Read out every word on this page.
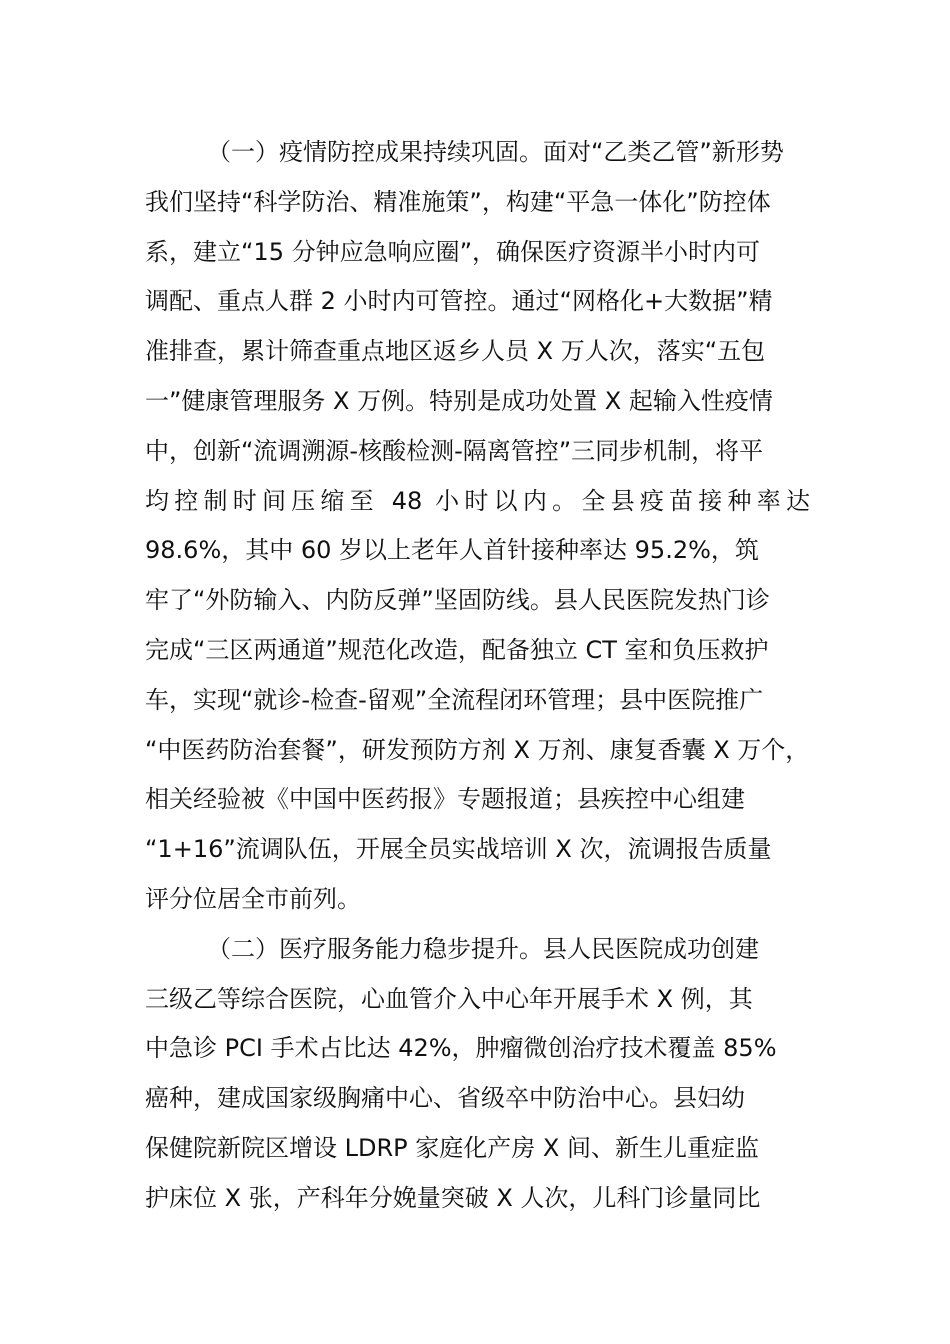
（一）疫情防控成果持续巩固。面对“乙类乙管”新形势
我们坚持“科学防治、精准施策”，构建“平急一体化”防控体
系，建立“15 分钟应急响应圈”，确保医疗资源半小时内可
调配、重点人群 2 小时内可管控。通过“网格化+大数据”精
准排查，累计筛查重点地区返乡人员 X 万人次，落实“五包
一”健康管理服务 X 万例。特别是成功处置 X 起输入性疫情
中，创新“流调溯源-核酸检测-隔离管控”三同步机制，将平
均控制时间压缩至 48 小时以内。全县疫苗接种率达
98.6%，其中 60 岁以上老年人首针接种率达 95.2%，筑
牢了“外防输入、内防反弹”坚固防线。县人民医院发热门诊
完成“三区两通道”规范化改造，配备独立 CT 室和负压救护
车，实现“就诊-检查-留观”全流程闭环管理；县中医院推广
“中医药防治套餐”，研发预防方剂 X 万剂、康复香囊 X 万个，
相关经验被《中国中医药报》专题报道；县疾控中心组建
“1+16”流调队伍，开展全员实战培训 X 次，流调报告质量
评分位居全市前列。
（二）医疗服务能力稳步提升。县人民医院成功创建
三级乙等综合医院，心血管介入中心年开展手术 X 例，其
中急诊 PCI 手术占比达 42%，肿瘤微创治疗技术覆盖 85%
癌种，建成国家级胸痛中心、省级卒中防治中心。县妇幼
保健院新院区增设 LDRP 家庭化产房 X 间、新生儿重症监
护床位 X 张，产科年分娩量突破 X 人次，儿科门诊量同比
